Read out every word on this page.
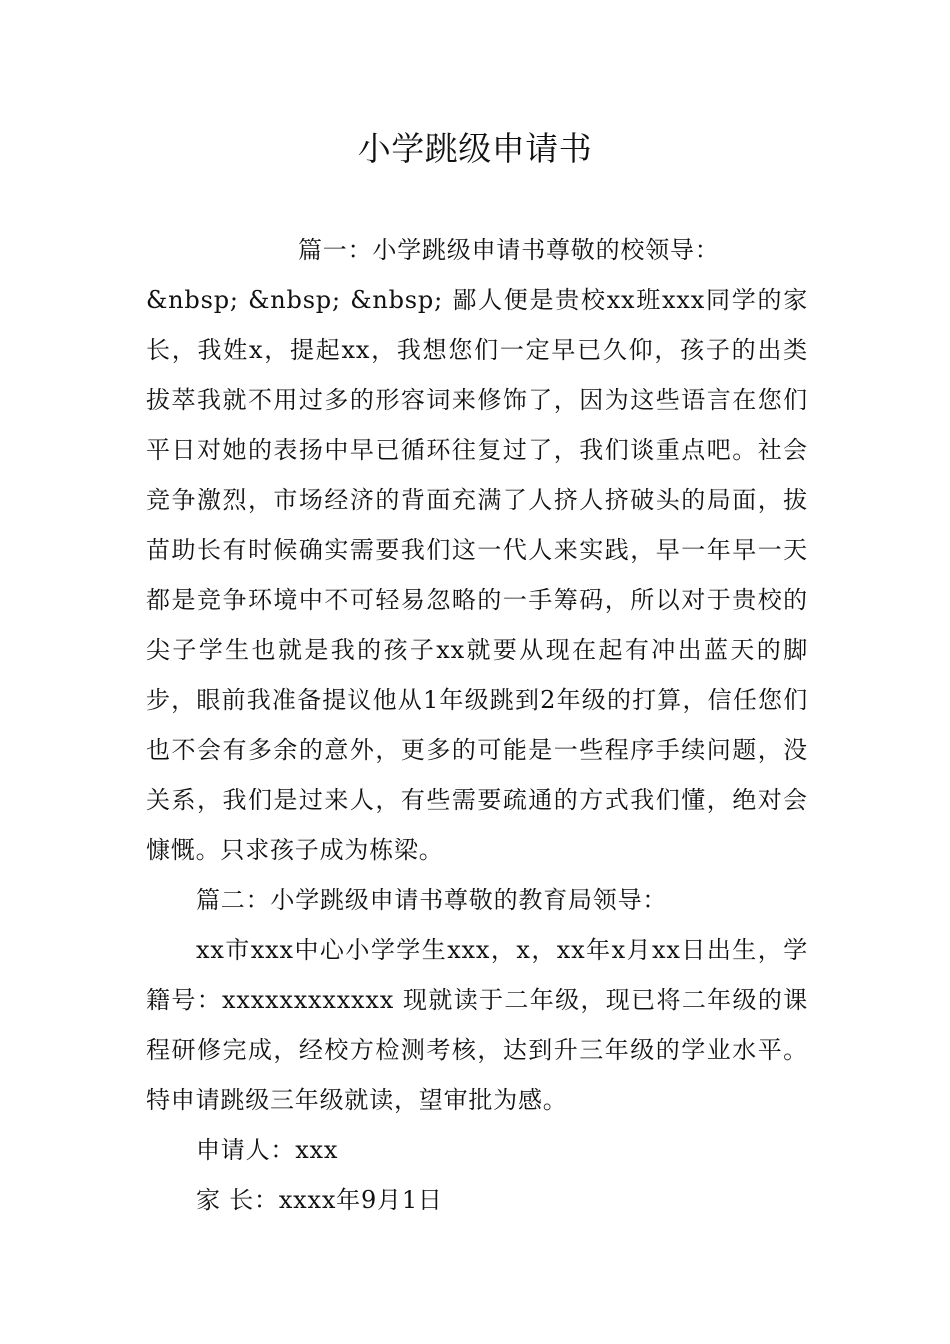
小学跳级申请书

篇一：小学跳级申请书尊敬的校领导：

&nbsp; &nbsp; &nbsp; 鄙人便是贵校xx班xxx同学的家长，我姓x，提起xx，我想您们一定早已久仰，孩子的出类拔萃我就不用过多的形容词来修饰了，因为这些语言在您们平日对她的表扬中早已循环往复过了，我们谈重点吧。社会竞争激烈，市场经济的背面充满了人挤人挤破头的局面，拔苗助长有时候确实需要我们这一代人来实践，早一年早一天都是竞争环境中不可轻易忽略的一手筹码，所以对于贵校的尖子学生也就是我的孩子xx就要从现在起有冲出蓝天的脚步，眼前我准备提议他从1年级跳到2年级的打算，信任您们也不会有多余的意外，更多的可能是一些程序手续问题，没关系，我们是过来人，有些需要疏通的方式我们懂，绝对会慷慨。只求孩子成为栋梁。

篇二：小学跳级申请书尊敬的教育局领导：

xx市xxx中心小学学生xxx，x，xx年x月xx日出生，学籍号：xxxxxxxxxxxx 现就读于二年级，现已将二年级的课程研修完成，经校方检测考核，达到升三年级的学业水平。特申请跳级三年级就读，望审批为感。

申请人：xxx

家 长：xxxx年9月1日
